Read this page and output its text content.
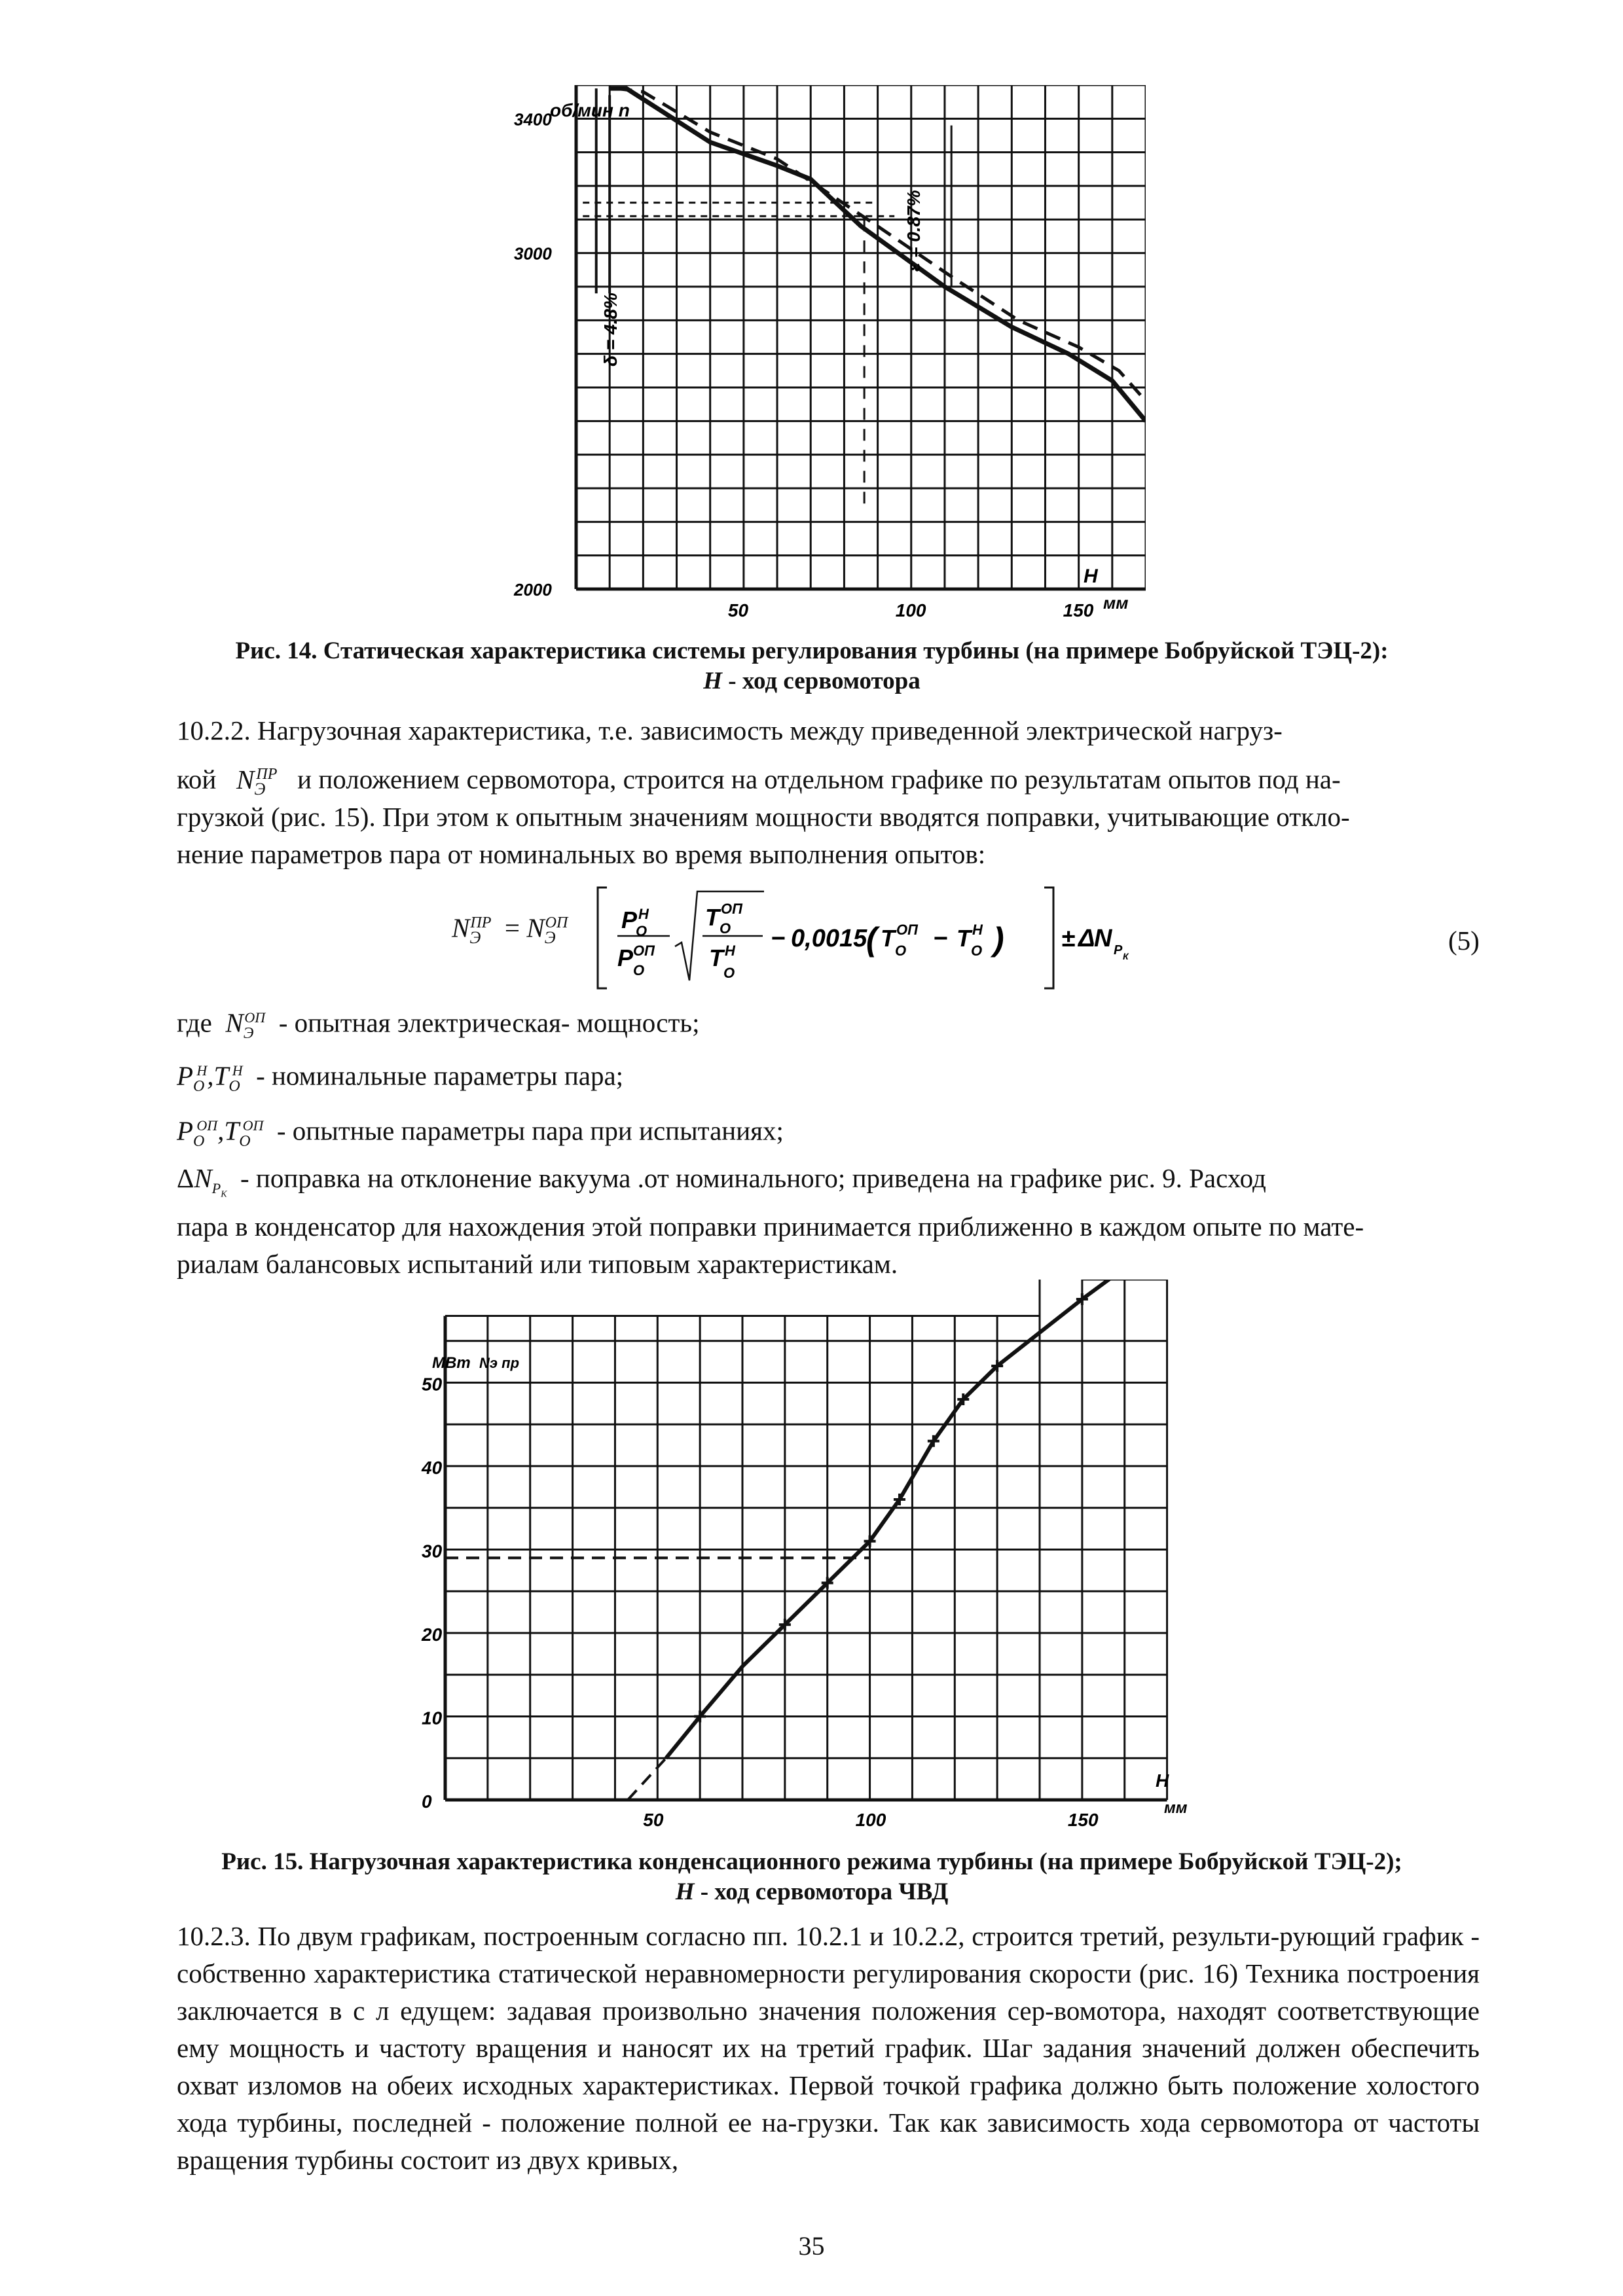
50	100	150
2000
3000
3400
об/мин n
H
мм
δ = 4.8%
ε = 0.87%
Рис. 14. Статическая характеристика системы регулирования турбины (на примере Бобруйской ТЭЦ-2):
H - ход сервомотора
10.2.2. Нагрузочная характеристика, т.е. зависимость между приведенной электрической нагруз-
кой   $N_Э^{ПР}$ и положением сервомотора, строится на отдельном графике по результатам опытов под на-
грузкой (рис. 15). При этом к опытным значениям мощности вводятся поправки, учитывающие откло-
нение параметров пара от номинальных во время выполнения опытов:
$N_Э^{ПР} = N_Э^{ОП}$ P Н
O
P ОП
O
T ОП
O
T Н
O
− 0,0015
( T ОП
O − T Н
O ) ± Δ
N P К
(5)
где  $N_Э^{ОП}$ - опытная электрическая- мощность;
$P_O^Н,T_O^Н$ - номинальные параметры пара;
$P_O^{ОП},T_O^{ОП}$ - опытные параметры пара при испытаниях;
$\Delta N_{P_К}$  - поправка на отклонение вакуума .от номинального; приведена на графике рис. 9. Расход
пара в конденсатор для нахождения этой поправки принимается приближенно в каждом опыте по мате-
риалам балансовых испытаний или типовым характеристикам.
50	100	150
0
10
20
30
40
50
МВт Nэ пр
H
мм
Рис. 15. Нагрузочная характеристика конденсационного режима турбины (на примере Бобруйской ТЭЦ-2);
H - ход сервомотора ЧВД
10.2.3. По двум графикам, построенным согласно пп. 10.2.1 и 10.2.2, строится третий, результи-рующий график - собственно характеристика статической неравномерности регулирования скорости (рис. 16) Техника построения заключается в с л едущем: задавая произвольно значения положения сер-вомотора, находят соответствующие ему мощность и частоту вращения и наносят их на третий график. Шаг задания значений должен обеспечить охват изломов на обеих исходных характеристиках. Первой точкой графика должно быть положение холостого хода турбины, последней - положение полной ее на-грузки. Так как зависимость хода сервомотора от частоты вращения турбины состоит из двух кривых,
35
